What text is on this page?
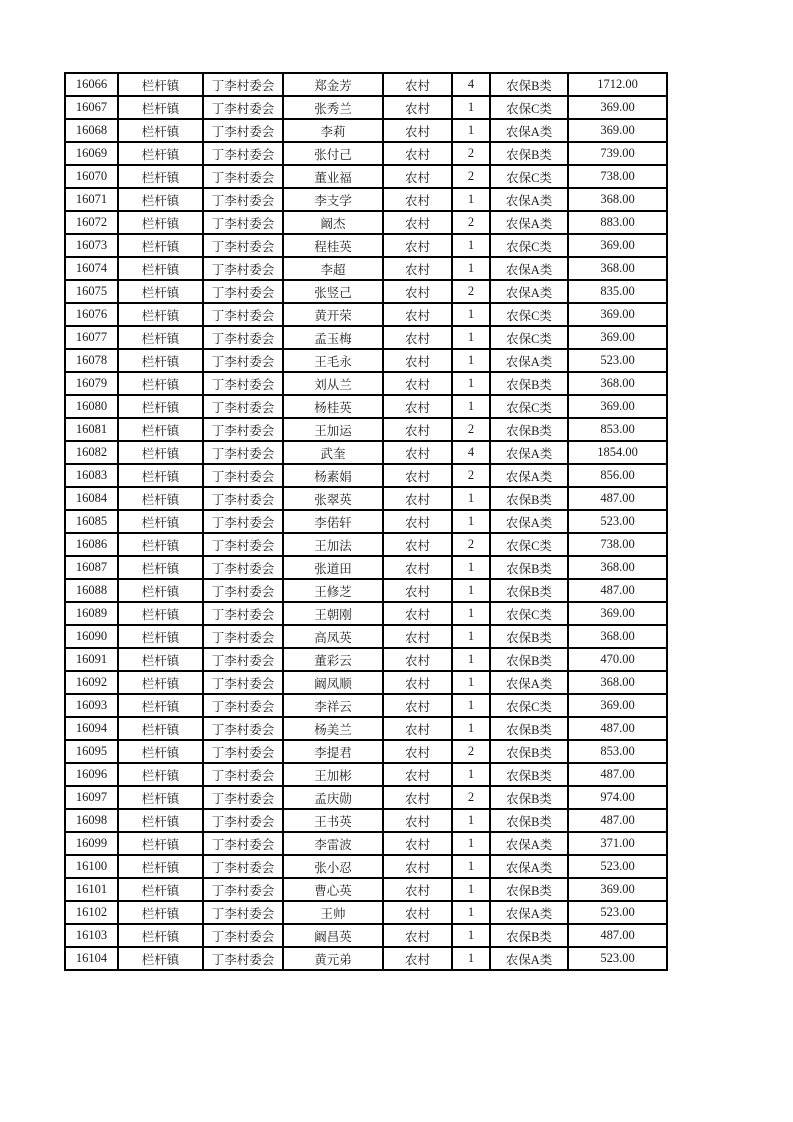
16066	栏杆镇	丁李村委会	郑金芳	农村	4	农保B类	1712.00
16067	栏杆镇	丁李村委会	张秀兰	农村	1	农保C类	369.00
16068	栏杆镇	丁李村委会	李莉	农村	1	农保A类	369.00
16069	栏杆镇	丁李村委会	张付己	农村	2	农保B类	739.00
16070	栏杆镇	丁李村委会	董业福	农村	2	农保C类	738.00
16071	栏杆镇	丁李村委会	李支学	农村	1	农保A类	368.00
16072	栏杆镇	丁李村委会	阚杰	农村	2	农保A类	883.00
16073	栏杆镇	丁李村委会	程桂英	农村	1	农保C类	369.00
16074	栏杆镇	丁李村委会	李超	农村	1	农保A类	368.00
16075	栏杆镇	丁李村委会	张竖己	农村	2	农保A类	835.00
16076	栏杆镇	丁李村委会	黄开荣	农村	1	农保C类	369.00
16077	栏杆镇	丁李村委会	孟玉梅	农村	1	农保C类	369.00
16078	栏杆镇	丁李村委会	王毛永	农村	1	农保A类	523.00
16079	栏杆镇	丁李村委会	刘从兰	农村	1	农保B类	368.00
16080	栏杆镇	丁李村委会	杨桂英	农村	1	农保C类	369.00
16081	栏杆镇	丁李村委会	王加运	农村	2	农保B类	853.00
16082	栏杆镇	丁李村委会	武奎	农村	4	农保A类	1854.00
16083	栏杆镇	丁李村委会	杨素娟	农村	2	农保A类	856.00
16084	栏杆镇	丁李村委会	张翠英	农村	1	农保B类	487.00
16085	栏杆镇	丁李村委会	李偌轩	农村	1	农保A类	523.00
16086	栏杆镇	丁李村委会	王加法	农村	2	农保C类	738.00
16087	栏杆镇	丁李村委会	张道田	农村	1	农保B类	368.00
16088	栏杆镇	丁李村委会	王修芝	农村	1	农保B类	487.00
16089	栏杆镇	丁李村委会	王朝刚	农村	1	农保C类	369.00
16090	栏杆镇	丁李村委会	高凤英	农村	1	农保B类	368.00
16091	栏杆镇	丁李村委会	董彩云	农村	1	农保B类	470.00
16092	栏杆镇	丁李村委会	阚凤顺	农村	1	农保A类	368.00
16093	栏杆镇	丁李村委会	李祥云	农村	1	农保C类	369.00
16094	栏杆镇	丁李村委会	杨美兰	农村	1	农保B类	487.00
16095	栏杆镇	丁李村委会	李提君	农村	2	农保B类	853.00
16096	栏杆镇	丁李村委会	王加彬	农村	1	农保B类	487.00
16097	栏杆镇	丁李村委会	孟庆勋	农村	2	农保B类	974.00
16098	栏杆镇	丁李村委会	王书英	农村	1	农保B类	487.00
16099	栏杆镇	丁李村委会	李雷波	农村	1	农保A类	371.00
16100	栏杆镇	丁李村委会	张小忍	农村	1	农保A类	523.00
16101	栏杆镇	丁李村委会	曹心英	农村	1	农保B类	369.00
16102	栏杆镇	丁李村委会	王帅	农村	1	农保A类	523.00
16103	栏杆镇	丁李村委会	阚昌英	农村	1	农保B类	487.00
16104	栏杆镇	丁李村委会	黄元弟	农村	1	农保A类	523.00
